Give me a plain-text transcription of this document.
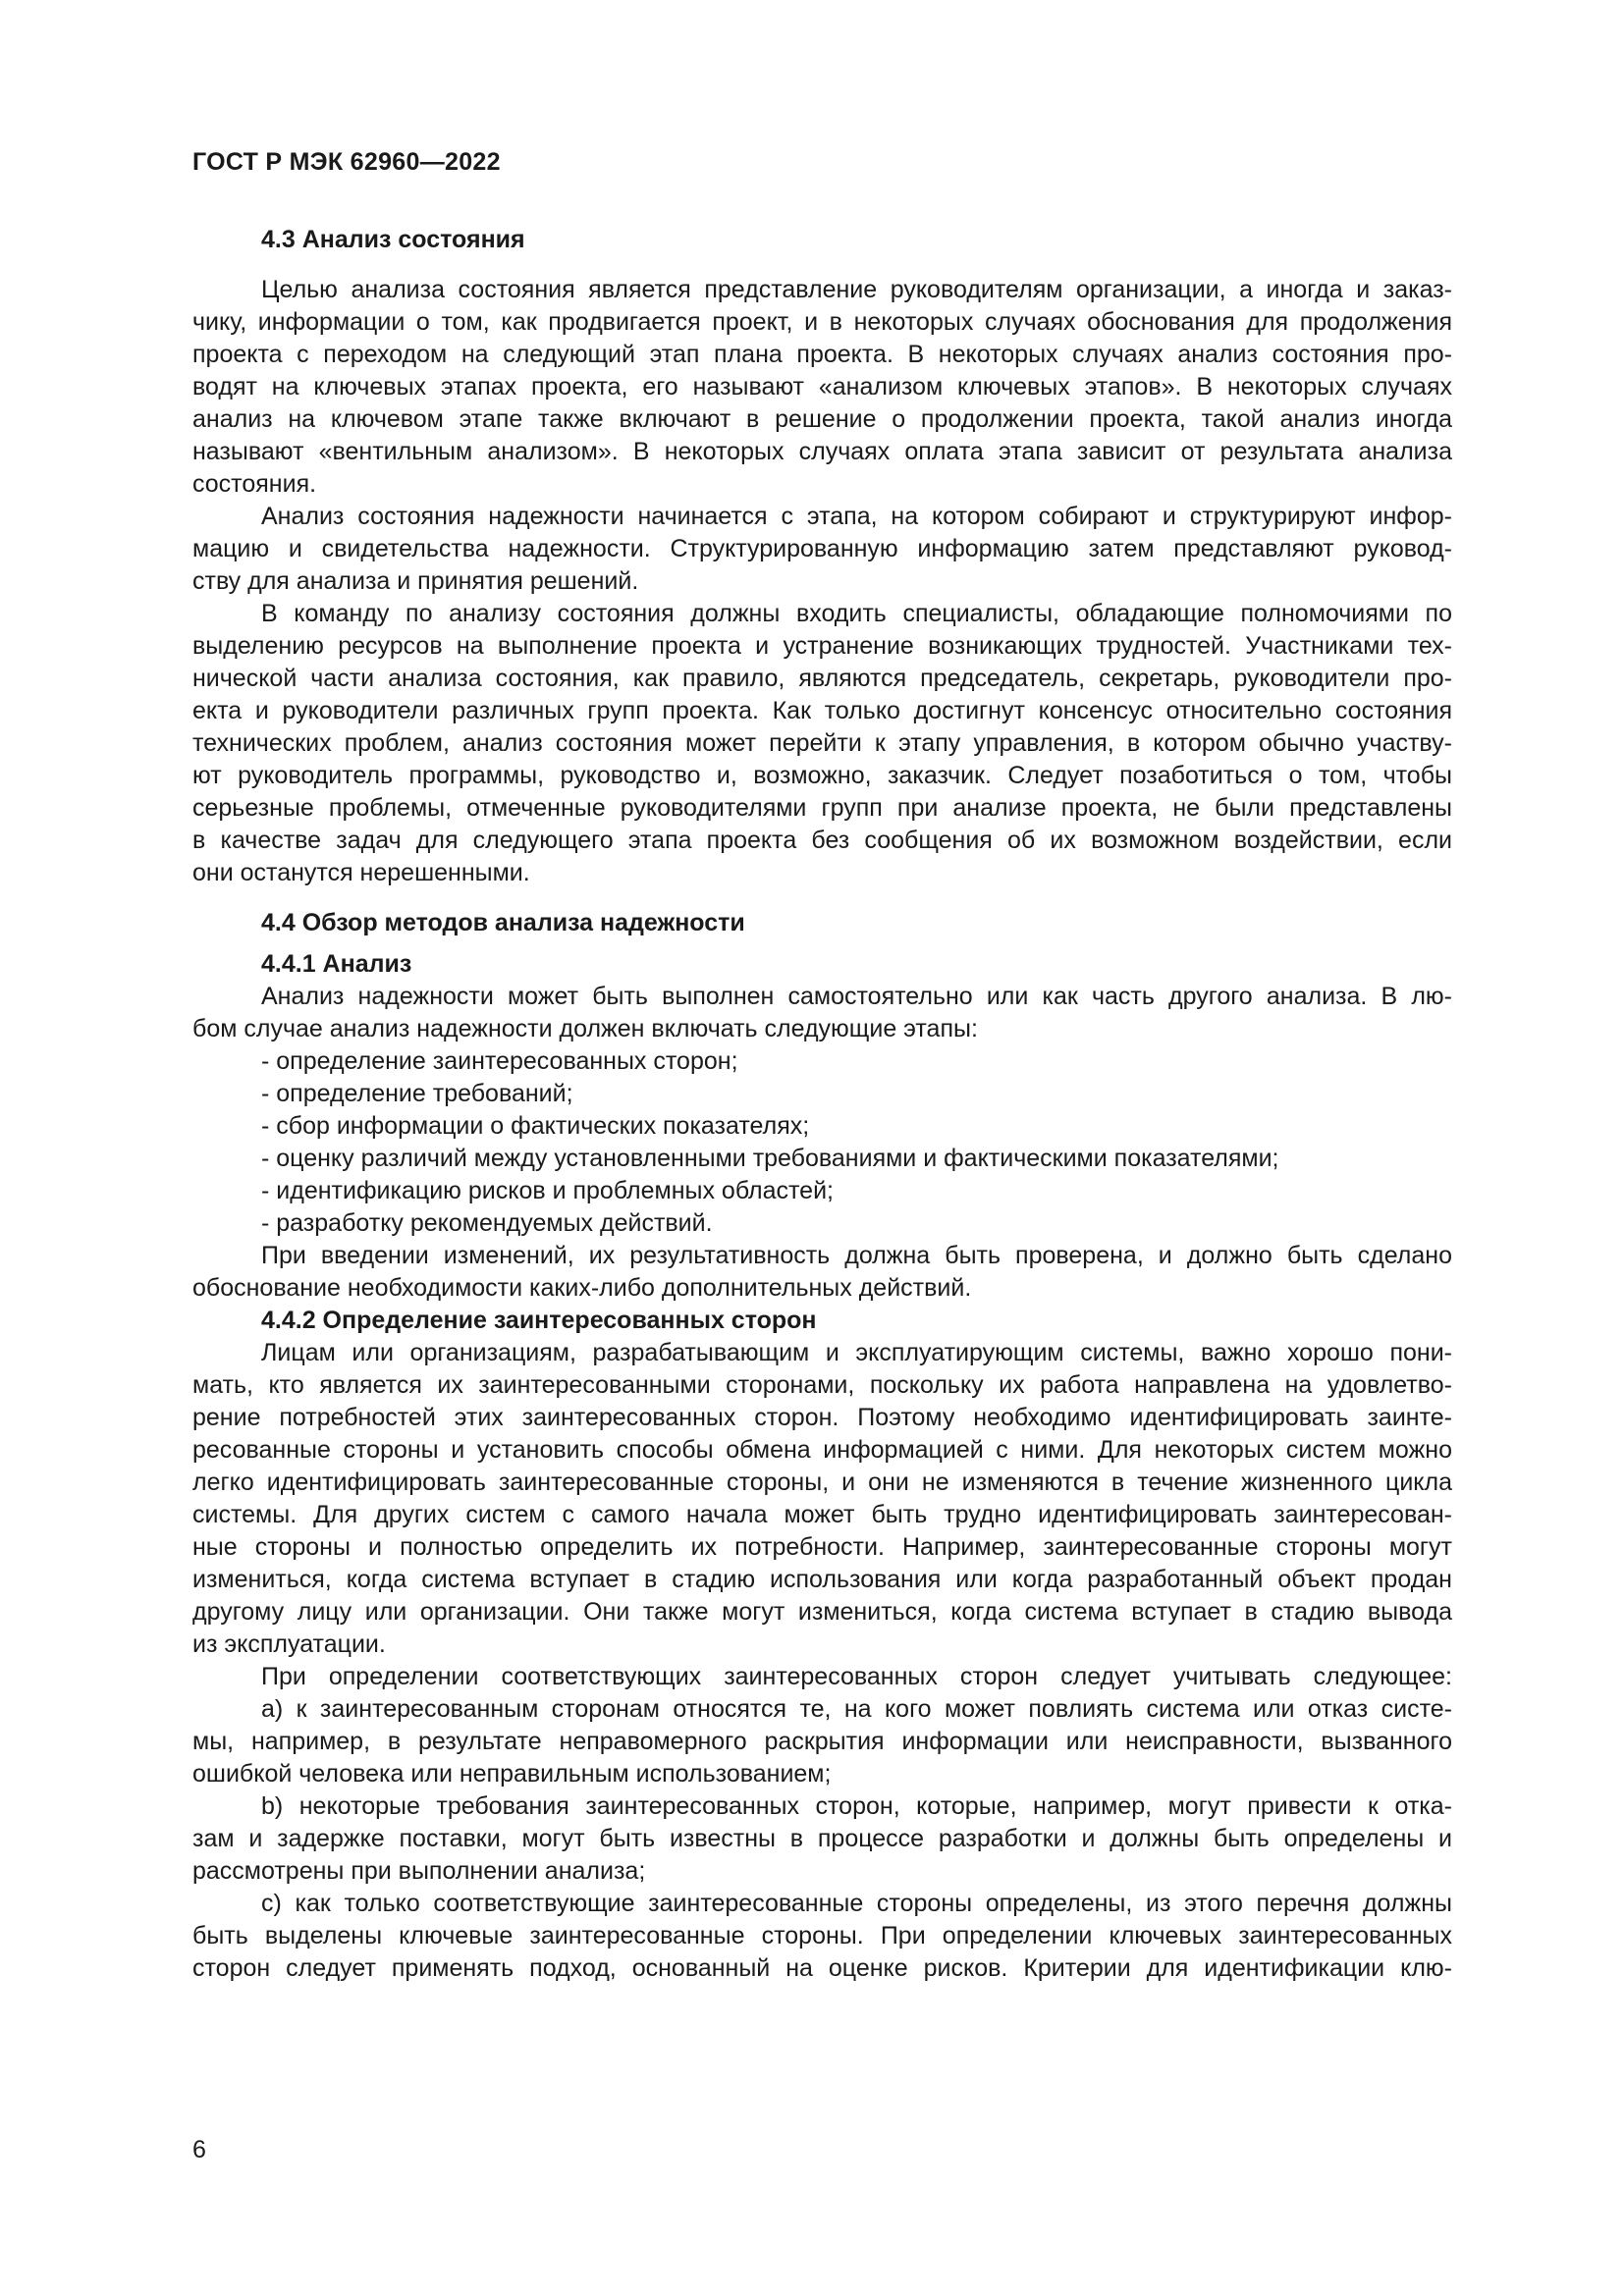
ГОСТ Р МЭК 62960—2022
4.3 Анализ состояния
Целью анализа состояния является представление руководителям организации, а иногда и заказ-
чику, информации о том, как продвигается проект, и в некоторых случаях обоснования для продолжения
проекта с переходом на следующий этап плана проекта. В некоторых случаях анализ состояния про-
водят на ключевых этапах проекта, его называют «анализом ключевых этапов». В некоторых случаях
анализ на ключевом этапе также включают в решение о продолжении проекта, такой анализ иногда
называют «вентильным анализом». В некоторых случаях оплата этапа зависит от результата анализа
состояния.
Анализ состояния надежности начинается с этапа, на котором собирают и структурируют инфор-
мацию и свидетельства надежности. Структурированную информацию затем представляют руковод-
ству для анализа и принятия решений.
В команду по анализу состояния должны входить специалисты, обладающие полномочиями по
выделению ресурсов на выполнение проекта и устранение возникающих трудностей. Участниками тех-
нической части анализа состояния, как правило, являются председатель, секретарь, руководители про-
екта и руководители различных групп проекта. Как только достигнут консенсус относительно состояния
технических проблем, анализ состояния может перейти к этапу управления, в котором обычно участву-
ют руководитель программы, руководство и, возможно, заказчик. Следует позаботиться о том, чтобы
серьезные проблемы, отмеченные руководителями групп при анализе проекта, не были представлены
в качестве задач для следующего этапа проекта без сообщения об их возможном воздействии, если
они останутся нерешенными.
4.4 Обзор методов анализа надежности
4.4.1 Анализ
Анализ надежности может быть выполнен самостоятельно или как часть другого анализа. В лю-
бом случае анализ надежности должен включать следующие этапы:
- определение заинтересованных сторон;
- определение требований;
- сбор информации о фактических показателях;
- оценку различий между установленными требованиями и фактическими показателями;
- идентификацию рисков и проблемных областей;
- разработку рекомендуемых действий.
При введении изменений, их результативность должна быть проверена, и должно быть сделано
обоснование необходимости каких-либо дополнительных действий.
4.4.2 Определение заинтересованных сторон
Лицам или организациям, разрабатывающим и эксплуатирующим системы, важно хорошо пони-
мать, кто является их заинтересованными сторонами, поскольку их работа направлена на удовлетво-
рение потребностей этих заинтересованных сторон. Поэтому необходимо идентифицировать заинте-
ресованные стороны и установить способы обмена информацией с ними. Для некоторых систем можно
легко идентифицировать заинтересованные стороны, и они не изменяются в течение жизненного цикла
системы. Для других систем с самого начала может быть трудно идентифицировать заинтересован-
ные стороны и полностью определить их потребности. Например, заинтересованные стороны могут
измениться, когда система вступает в стадию использования или когда разработанный объект продан
другому лицу или организации. Они также могут измениться, когда система вступает в стадию вывода
из эксплуатации.
При определении соответствующих заинтересованных сторон следует учитывать следующее:
a) к заинтересованным сторонам относятся те, на кого может повлиять система или отказ систе-
мы, например, в результате неправомерного раскрытия информации или неисправности, вызванного
ошибкой человека или неправильным использованием;
b) некоторые требования заинтересованных сторон, которые, например, могут привести к отка-
зам и задержке поставки, могут быть известны в процессе разработки и должны быть определены и
рассмотрены при выполнении анализа;
c) как только соответствующие заинтересованные стороны определены, из этого перечня должны
быть выделены ключевые заинтересованные стороны. При определении ключевых заинтересованных
сторон следует применять подход, основанный на оценке рисков. Критерии для идентификации клю-
6
